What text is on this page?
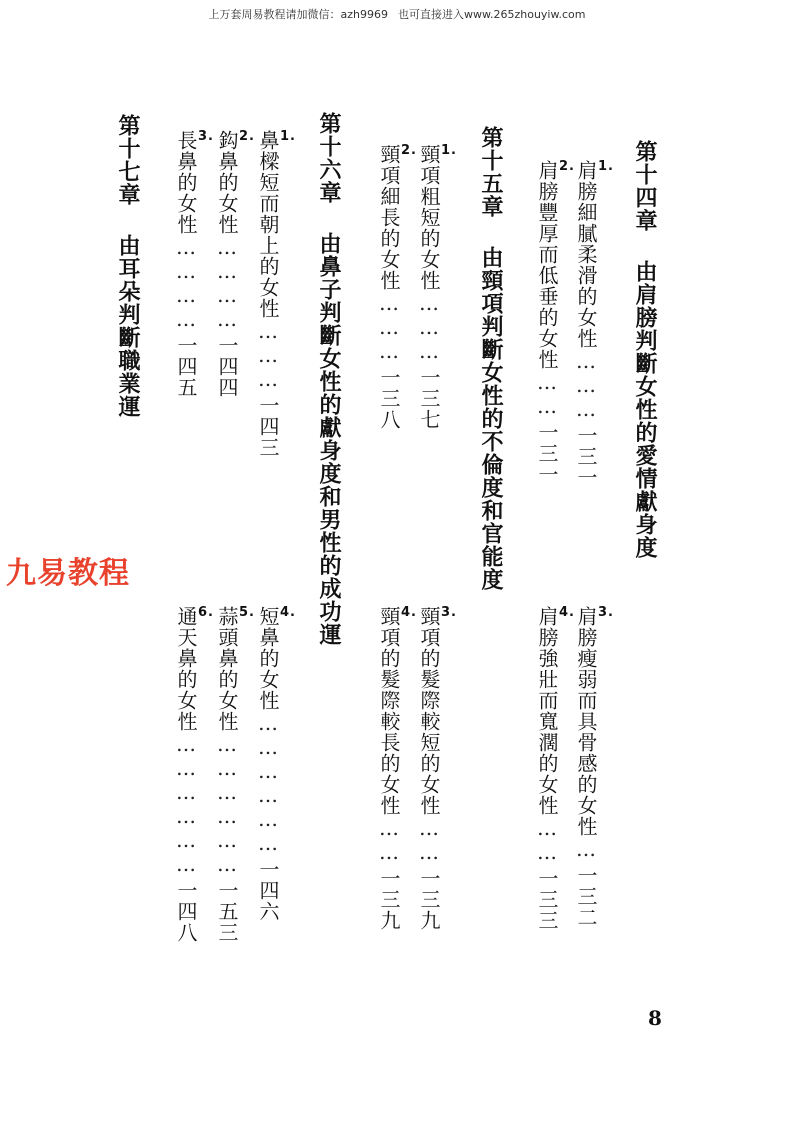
上万套周易教程请加微信：azh9969 也可直接进入www.265zhouyiw.com
第十四章由肩膀判斷女性的愛情獻身度
1.
肩膀細膩柔滑的女性………一三一
2.
肩膀豐厚而低垂的女性……一三一
3.
肩膀瘦弱而具骨感的女性…一三二
4.
肩膀強壯而寬濶的女性……一三三
第十五章由頸項判斷女性的不倫度和官能度
1.
頸項粗短的女性………一三七
2.
頸項細長的女性………一三八
3.
頸項的髮際較短的女性……一三九
4.
頸項的髮際較長的女性……一三九
第十六章由鼻子判斷女性的獻身度和男性的成功運
1.
鼻樑短而朝上的女性………一四三
2.
鈎鼻的女性…………一四四
3.
長鼻的女性…………一四五
4.
短鼻的女性………………一四六
5.
蒜頭鼻的女性………………一五三
6.
通天鼻的女性………………一四八
第十七章由耳朵判斷職業運
九易教程
8
